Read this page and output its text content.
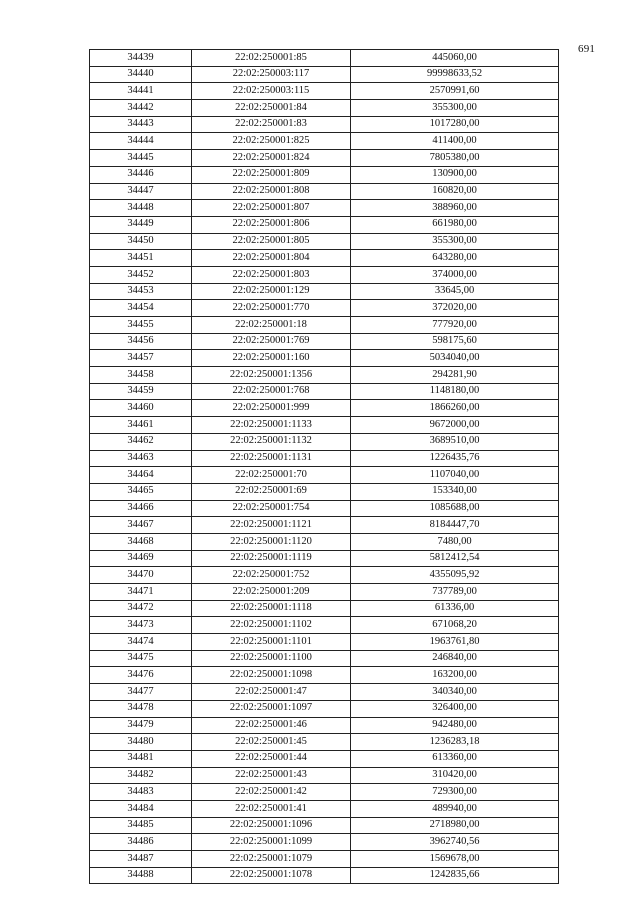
691
34439	22:02:250001:85	445060,00
34440	22:02:250003:117	99998633,52
34441	22:02:250003:115	2570991,60
34442	22:02:250001:84	355300,00
34443	22:02:250001:83	1017280,00
34444	22:02:250001:825	411400,00
34445	22:02:250001:824	7805380,00
34446	22:02:250001:809	130900,00
34447	22:02:250001:808	160820,00
34448	22:02:250001:807	388960,00
34449	22:02:250001:806	661980,00
34450	22:02:250001:805	355300,00
34451	22:02:250001:804	643280,00
34452	22:02:250001:803	374000,00
34453	22:02:250001:129	33645,00
34454	22:02:250001:770	372020,00
34455	22:02:250001:18	777920,00
34456	22:02:250001:769	598175,60
34457	22:02:250001:160	5034040,00
34458	22:02:250001:1356	294281,90
34459	22:02:250001:768	1148180,00
34460	22:02:250001:999	1866260,00
34461	22:02:250001:1133	9672000,00
34462	22:02:250001:1132	3689510,00
34463	22:02:250001:1131	1226435,76
34464	22:02:250001:70	1107040,00
34465	22:02:250001:69	153340,00
34466	22:02:250001:754	1085688,00
34467	22:02:250001:1121	8184447,70
34468	22:02:250001:1120	7480,00
34469	22:02:250001:1119	5812412,54
34470	22:02:250001:752	4355095,92
34471	22:02:250001:209	737789,00
34472	22:02:250001:1118	61336,00
34473	22:02:250001:1102	671068,20
34474	22:02:250001:1101	1963761,80
34475	22:02:250001:1100	246840,00
34476	22:02:250001:1098	163200,00
34477	22:02:250001:47	340340,00
34478	22:02:250001:1097	326400,00
34479	22:02:250001:46	942480,00
34480	22:02:250001:45	1236283,18
34481	22:02:250001:44	613360,00
34482	22:02:250001:43	310420,00
34483	22:02:250001:42	729300,00
34484	22:02:250001:41	489940,00
34485	22:02:250001:1096	2718980,00
34486	22:02:250001:1099	3962740,56
34487	22:02:250001:1079	1569678,00
34488	22:02:250001:1078	1242835,66
